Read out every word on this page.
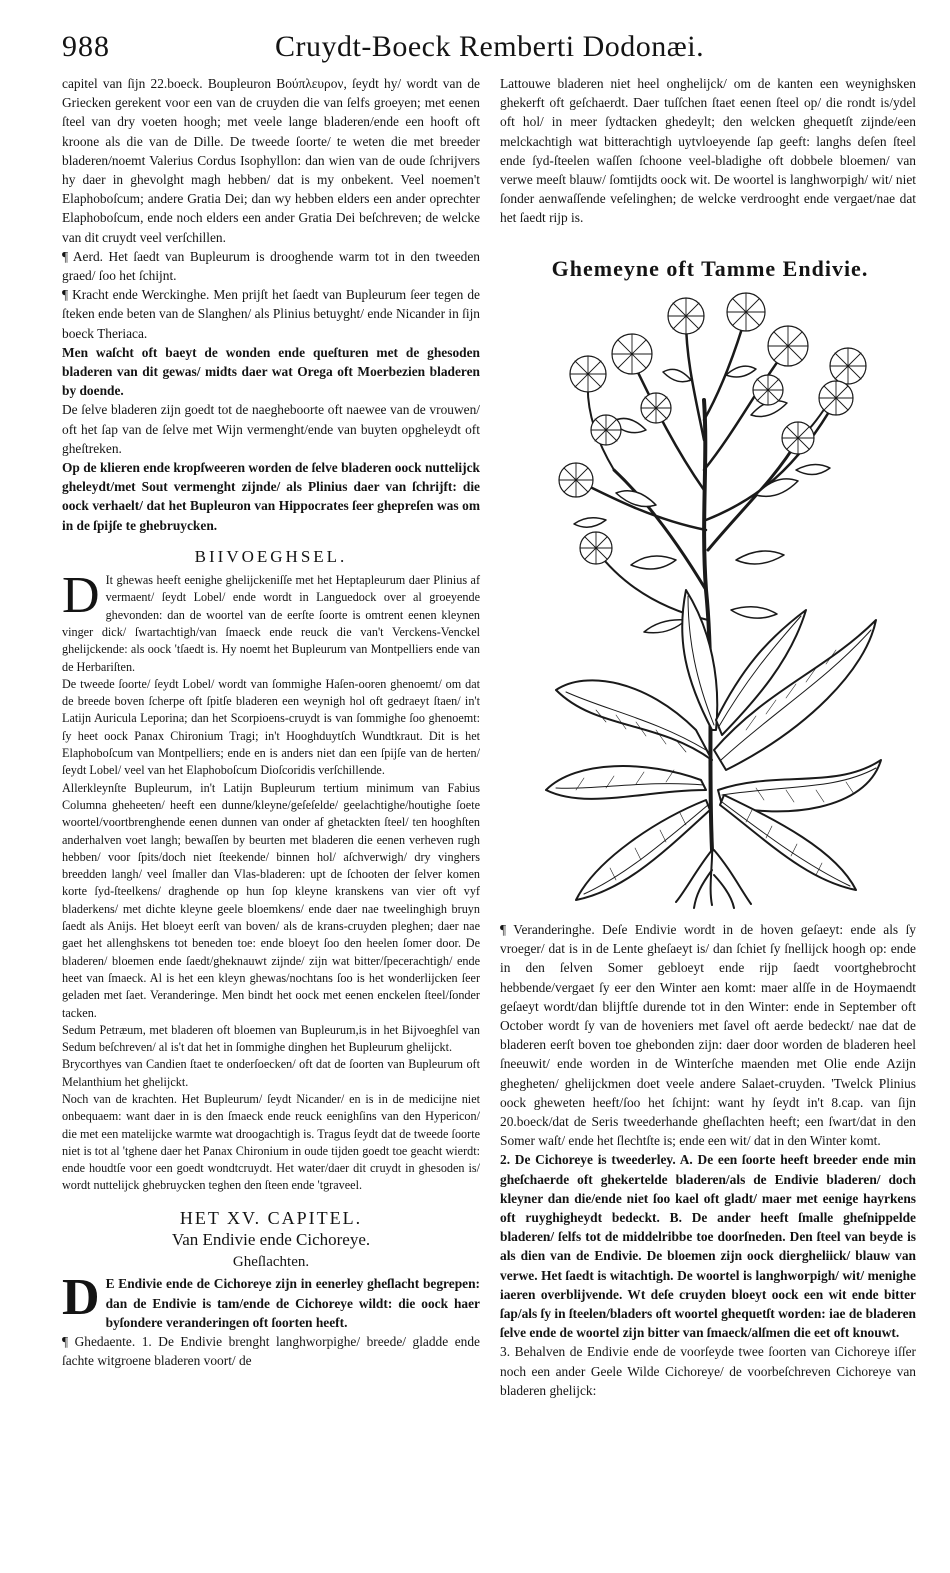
988	Cruydt-Boeck Remberti Dodonæi.

capitel van ſijn 22.boeck. Boupleuron Βούπλευρον, ſeydt hy/ wordt van de Griecken gerekent voor een van de cruyden die van ſelfs groeyen; met eenen ſteel van dry voeten hoogh; met veele lange bladeren/ende een hooft oft kroone als die van de Dille. De tweede ſoorte/ te weten die met breeder bladeren/noemt Valerius Cordus Isophyllon: dan wien van de oude ſchrijvers hy daer in ghevolght magh hebben/ dat is my onbekent. Veel noemen't Elaphoboſcum; andere Gratia Dei; dan wy hebben elders een ander oprechter Elaphoboſcum, ende noch elders een ander Gratia Dei beſchreven; de welcke van dit cruydt veel verſchillen.

¶ Aerd. Het ſaedt van Bupleurum is drooghende warm tot in den tweeden graed/ ſoo het ſchijnt.

¶ Kracht ende Werckinghe. Men prijſt het ſaedt van Bupleurum ſeer tegen de ſteken ende beten van de Slanghen/ als Plinius betuyght/ ende Nicander in ſijn boeck Theriaca.

Men waſcht oft baeyt de wonden ende queſturen met de ghesoden bladeren van dit gewas/ midts daer wat Orega oft Moerbezien bladeren by doende.

De ſelve bladeren zijn goedt tot de naegheboorte oft naewee van de vrouwen/ oft het ſap van de ſelve met Wijn vermenght/ende van buyten opgheleydt oft gheſtreken.

Op de klieren ende kropſweeren worden de ſelve bladeren oock nuttelijck gheleydt/met Sout vermenght zijnde/ als Plinius daer van ſchrijft: die oock verhaelt/ dat het Bupleuron van Hippocrates ſeer ghepreſen was om in de ſpijſe te ghebruycken.

BIIVOEGHSEL.

D It ghewas heeft eenighe ghelijckeniſſe met het Heptapleurum daer Plinius af vermaent/ ſeydt Lobel/ ende wordt in Languedock over al groeyende ghevonden: dan de woortel van de eerſte ſoorte is omtrent eenen kleynen vinger dick/ ſwartachtigh/van ſmaeck ende reuck die van't Verckens-Venckel ghelijckende: als oock 'tſaedt is. Hy noemt het Bupleurum van Montpelliers ende van de Herbariſten.

De tweede ſoorte/ ſeydt Lobel/ wordt van ſommighe Haſen-ooren ghenoemt/ om dat de breede boven ſcherpe oft ſpitſe bladeren een weynigh hol oft gedraeyt ſtaen/ in't Latijn Auricula Leporina; dan het Scorpioens-cruydt is van ſommighe ſoo ghenoemt: ſy heet oock Panax Chironium Tragi; in't Hooghduytſch Wundtkraut. Dit is het Elaphoboſcum van Montpelliers; ende en is anders niet dan een ſpijſe van de herten/ ſeydt Lobel/ veel van het Elaphoboſcum Dioſcoridis verſchillende.

Allerkleynſte Bupleurum, in't Latijn Bupleurum tertium minimum van Fabius Columna gheheeten/ heeft een dunne/kleyne/geſeſelde/ geelachtighe/houtighe ſoete woortel/voortbrenghende eenen dunnen van onder af ghetackten ſteel/ ten hooghſten anderhalven voet langh; bewaſſen by beurten met bladeren die eenen verheven rugh hebben/ voor ſpits/doch niet ſteekende/ binnen hol/ aſchverwigh/ dry vinghers breedden langh/ veel ſmaller dan Vlas-bladeren: upt de ſchooten der ſelver komen korte ſyd-ſteelkens/ draghende op hun ſop kleyne kranskens van vier oft vyf bladerkens/ met dichte kleyne geele bloemkens/ ende daer nae tweelinghigh bruyn ſaedt als Anijs. Het bloeyt eerſt van boven/ als de krans-cruyden pleghen; daer nae gaet het allenghskens tot beneden toe: ende bloeyt ſoo den heelen ſomer door. De bladeren/ bloemen ende ſaedt/gheknauwt zijnde/ zijn wat bitter/ſpecerachtigh/ ende heet van ſmaeck. Al is het een kleyn ghewas/nochtans ſoo is het wonderlijcken ſeer geladen met ſaet. Veranderinge. Men bindt het oock met eenen enckelen ſteel/ſonder tacken.

Sedum Petræum, met bladeren oft bloemen van Bupleurum,is in het Bijvoeghſel van Sedum beſchreven/ al is't dat het in ſommighe dinghen het Bupleurum ghelijckt.

Brycorthyes van Candien ſtaet te onderſoecken/ oft dat de ſoorten van Bupleurum oft Melanthium het ghelijckt.

Noch van de krachten. Het Bupleurum/ ſeydt Nicander/ en is in de medicijne niet onbequaem: want daer in is den ſmaeck ende reuck eenighſins van den Hypericon/ die met een matelijcke warmte wat droogachtigh is. Tragus ſeydt dat de tweede ſoorte niet is tot al 'tghene daer het Panax Chironium in oude tijden goedt toe geacht wierdt: ende houdtſe voor een goedt wondtcruydt. Het water/daer dit cruydt in ghesoden is/ wordt nuttelijck ghebruycken teghen den ſteen ende 'tgraveel.

HET XV. CAPITEL.

Van Endivie ende Cichoreye.

Gheſlachten.

D E Endivie ende de Cichoreye zijn in eenerley gheſlacht begrepen: dan de Endivie is tam/ende de Cichoreye wildt: die oock haer byſondere veranderingen oft ſoorten heeft.

¶ Ghedaente. 1. De Endivie brenght langhworpighe/ breede/ gladde ende ſachte witgroene bladeren voort/ de

Lattouwe bladeren niet heel onghelijck/ om de kanten een weynighsken ghekerft oft geſchaerdt. Daer tuſſchen ſtaet eenen ſteel op/ die rondt is/ydel oft hol/ in meer ſydtacken ghedeylt; den welcken ghequetſt zijnde/een melckachtigh wat bitterachtigh uytvloeyende ſap geeft: langhs deſen ſteel ende ſyd-ſteelen waſſen ſchoone veel-bladighe oft dobbele bloemen/ van verwe meeſt blauw/ ſomtijdts oock wit. De woortel is langhworpigh/ wit/ niet ſonder aenwaſſende veſelinghen; de welcke verdrooght ende vergaet/nae dat het ſaedt rijp is.

Ghemeyne oft Tamme Endivie.

¶ Veranderinghe. Deſe Endivie wordt in de hoven geſaeyt: ende als ſy vroeger/ dat is in de Lente gheſaeyt is/ dan ſchiet ſy ſnellijck hoogh op: ende in den ſelven Somer gebloeyt ende rijp ſaedt voortghebrocht hebbende/vergaet ſy eer den Winter aen komt: maer alſſe in de Hoymaendt geſaeyt wordt/dan blijftſe durende tot in den Winter: ende in September oft October wordt ſy van de hoveniers met ſavel oft aerde bedeckt/ nae dat de bladeren eerſt boven toe ghebonden zijn: daer door worden de bladeren heel ſneeuwit/ ende worden in de Winterſche maenden met Olie ende Azijn ghegheten/ ghelijckmen doet veele andere Salaet-cruyden. 'Twelck Plinius oock gheweten heeft/ſoo het ſchijnt: want hy ſeydt in't 8.cap. van ſijn 20.boeck/dat de Seris tweederhande gheſlachten heeft; een ſwart/dat in den Somer waſt/ ende het ſlechtſte is; ende een wit/ dat in den Winter komt.

2. De Cichoreye is tweederley. A. De een ſoorte heeft breeder ende min gheſchaerde oft ghekertelde bladeren/als de Endivie bladeren/ doch kleyner dan die/ende niet ſoo kael oft gladt/ maer met eenige hayrkens oft ruyghigheydt bedeckt. B. De ander heeft ſmalle gheſnippelde bladeren/ ſelfs tot de middelribbe toe doorſneden. Den ſteel van beyde is als dien van de Endivie. De bloemen zijn oock diergheliick/ blauw van verwe. Het ſaedt is witachtigh. De woortel is langhworpigh/ wit/ menighe iaeren overblijvende. Wt deſe cruyden bloeyt oock een wit ende bitter ſap/als ſy in ſteelen/bladers oft woortel ghequetſt worden: iae de bladeren ſelve ende de woortel zijn bitter van ſmaeck/alſmen die eet oft knouwt.

3. Behalven de Endivie ende de voorſeyde twee ſoorten van Cichoreye iſſer noch een ander Geele Wilde Cichoreye/ de voorbeſchreven Cichoreye van bladeren ghelijck:
